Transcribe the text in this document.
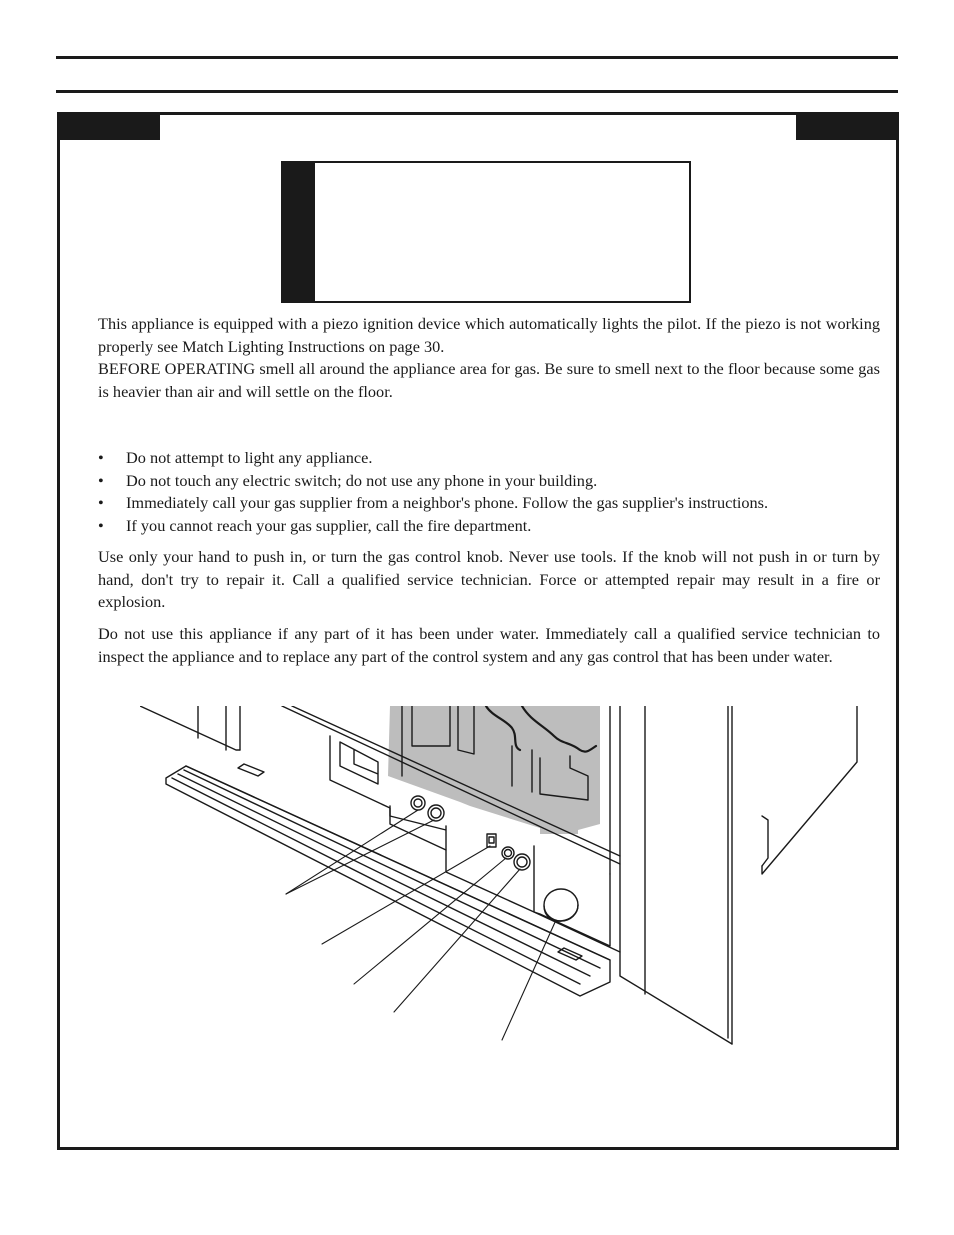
This appliance is equipped with a piezo ignition device which automatically lights the pilot. If the piezo is not working properly see Match Lighting Instructions on page 30.

BEFORE OPERATING smell all around the appliance area for gas. Be sure to smell next to the floor because some gas is heavier than air and will settle on the floor.

• Do not attempt to light any appliance.
• Do not touch any electric switch; do not use any phone in your building.
• Immediately call your gas supplier from a neighbor's phone. Follow the gas supplier's instructions.
• If you cannot reach your gas supplier, call the fire department.

Use only your hand to push in, or turn the gas control knob. Never use tools. If the knob will not push in or turn by hand, don't try to repair it. Call a qualified service technician. Force or attempted repair may result in a fire or explosion.

Do not use this appliance if any part of it has been under water. Immediately call a qualified service technician to inspect the appliance and to replace any part of the control system and any gas control that has been under water.
